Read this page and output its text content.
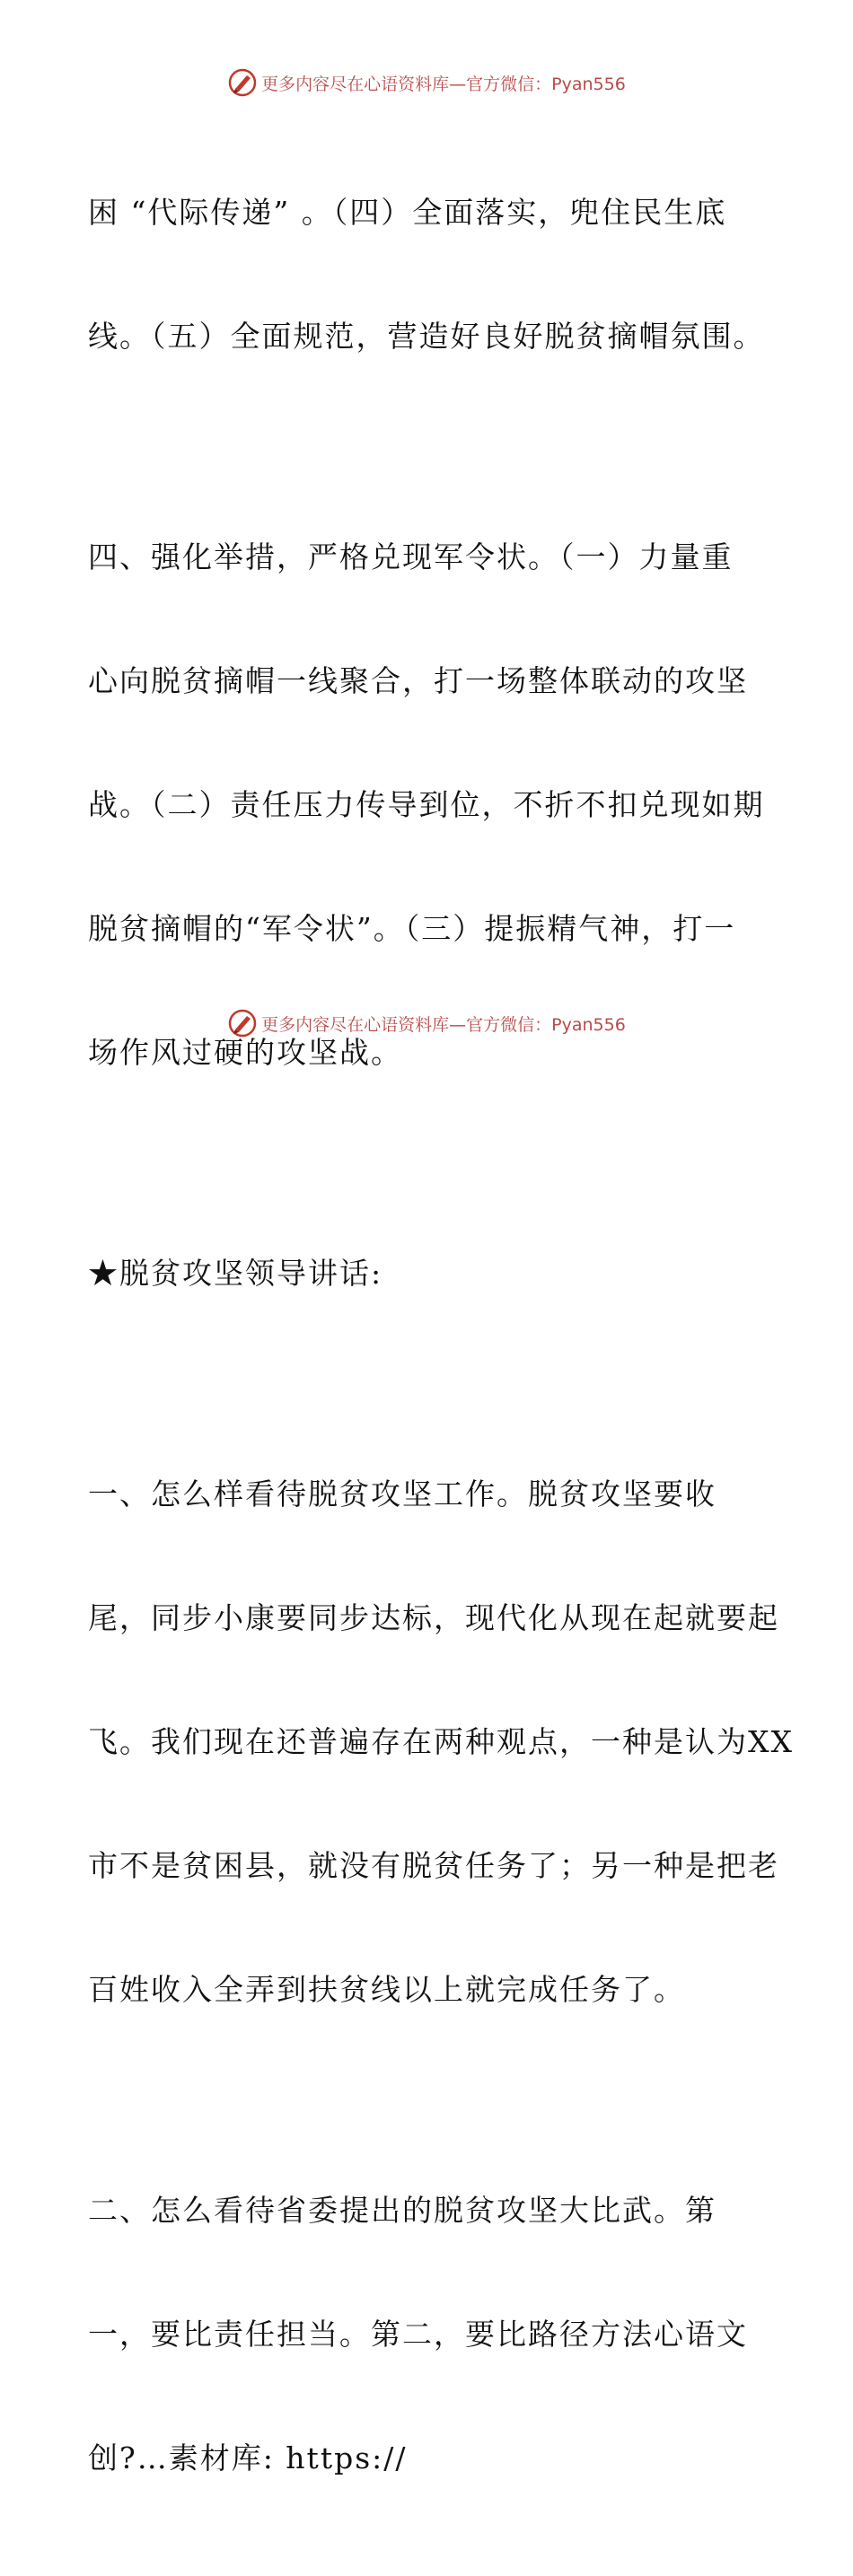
更多内容尽在心语资料库—官方微信：Pyan556

困 “代际传递” 。（四）全面落实，兜住民生底

线。（五）全面规范，营造好良好脱贫摘帽氛围。

四、强化举措，严格兑现军令状。（一）力量重

心向脱贫摘帽一线聚合，打一场整体联动的攻坚

战。（二）责任压力传导到位，不折不扣兑现如期

脱贫摘帽的“军令状”。（三）提振精气神，打一

场作风过硬的攻坚战。

★脱贫攻坚领导讲话:

一、怎么样看待脱贫攻坚工作。脱贫攻坚要收

尾，同步小康要同步达标，现代化从现在起就要起

飞。我们现在还普遍存在两种观点，一种是认为XX

市不是贫困县，就没有脱贫任务了；另一种是把老

百姓收入全弄到扶贫线以上就完成任务了。

二、怎么看待省委提出的脱贫攻坚大比武。第

一，要比责任担当。第二，要比路径方法心语文

创?…素材库: https://

更多内容尽在心语资料库—官方微信：Pyan556
